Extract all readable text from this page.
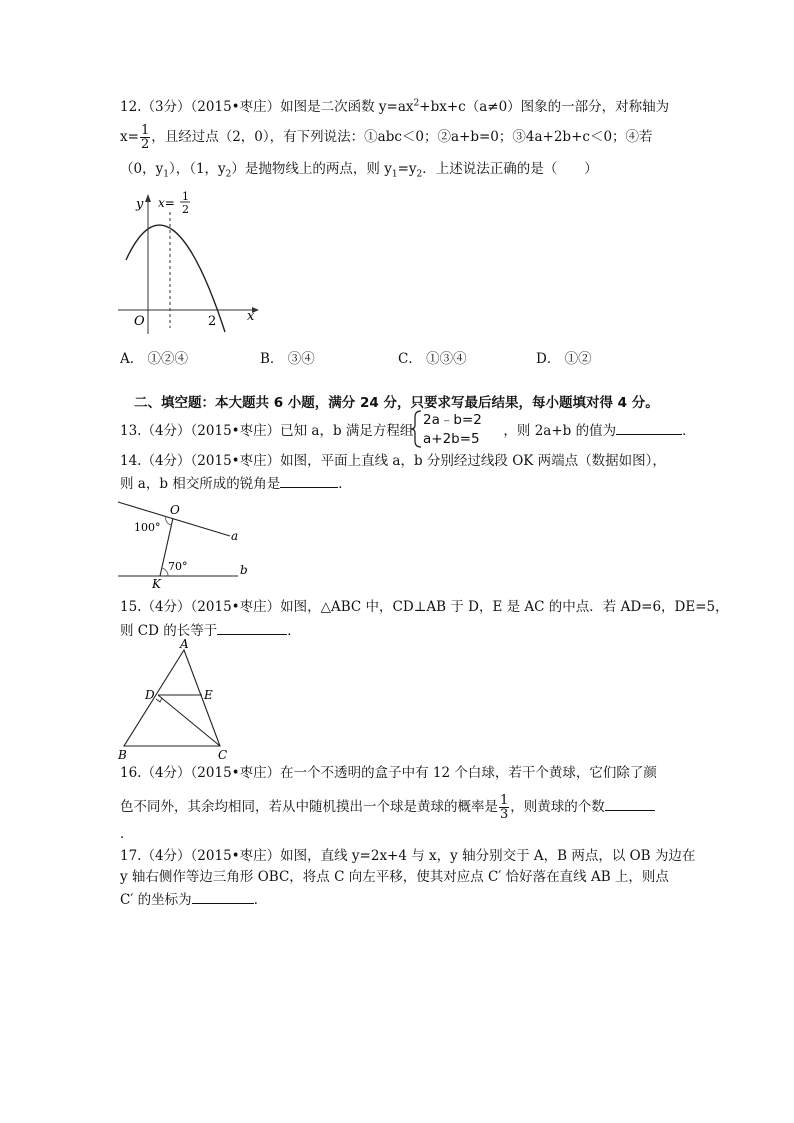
12.（3分）（2015•枣庄）如图是二次函数 $y=ax^2+bx+c(a\ne 0)$图象的一部分，对称轴为
$x= \frac{1}{2}$ ，且经过点（2，0），有下列说法：①abc＜0；②a+b=0；③4a+2b+c＜0；④若
（0，$y_1$），（1，$y_2$）是抛物线上的两点，则 $y_1=y_2$．上述说法正确的是（　　）
y
x
x= 1
2
O	2
A． ①②④	B． ③④	C． ①③④	D． ①②
二、填空题：本大题共 6 小题，满分 24 分，只要求写最后结果，每小题填对得 4 分。
13.（4分）（2015•枣庄）已知 a，b 满足方程组	，则 2a+b 的值为	．
2a﹣b=2
a+2b=5
14.（4分）（2015•枣庄）如图，平面上直线 a，b 分别经过线段 OK 两端点（数据如图），
则 a，b 相交所成的锐角是	．
O
K
a
b
100°
70°
15.（4分）（2015•枣庄）如图，△ABC 中，CD⊥AB 于 D，E 是 AC 的中点．若 AD=6，DE=5，
则 CD 的长等于	．
A
B	C
D	E
16.（4分）（2015•枣庄）在一个不透明的盒子中有 12 个白球，若干个黄球，它们除了颜
色不同外，其余均相同，若从中随机摸出一个球是黄球的概率是 $\frac{1}{3}$ ，则黄球的个数
．
17.（4分）（2015•枣庄）如图，直线 y=2x+4 与 x，y 轴分别交于 A，B 两点，以 OB 为边在
y 轴右侧作等边三角形 OBC，将点 C 向左平移，使其对应点 C′ 恰好落在直线 AB 上，则点
C′ 的坐标为	．
